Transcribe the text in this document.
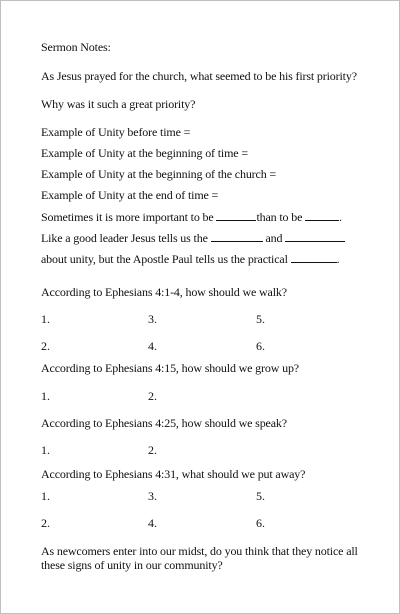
Sermon Notes:
As Jesus prayed for the church, what seemed to be his first priority?
Why was it such a great priority?
Example of Unity before time =
Example of Unity at the beginning of time =
Example of Unity at the beginning of the church =
Example of Unity at the end of time =
Sometimes it is more important to be	than to be	.
Like a good leader Jesus tells us the	and
about unity, but the Apostle Paul tells us the practical	.
According to Ephesians 4:1-4, how should we walk?
1.	3.	5.
2.	4.	6.
According to Ephesians 4:15, how should we grow up?
1.	2.
According to Ephesians 4:25, how should we speak?
1.	2.
According to Ephesians 4:31, what should we put away?
1.	3.	5.
2.	4.	6.
As newcomers enter into our midst, do you think that they notice all
these signs of unity in our community?
